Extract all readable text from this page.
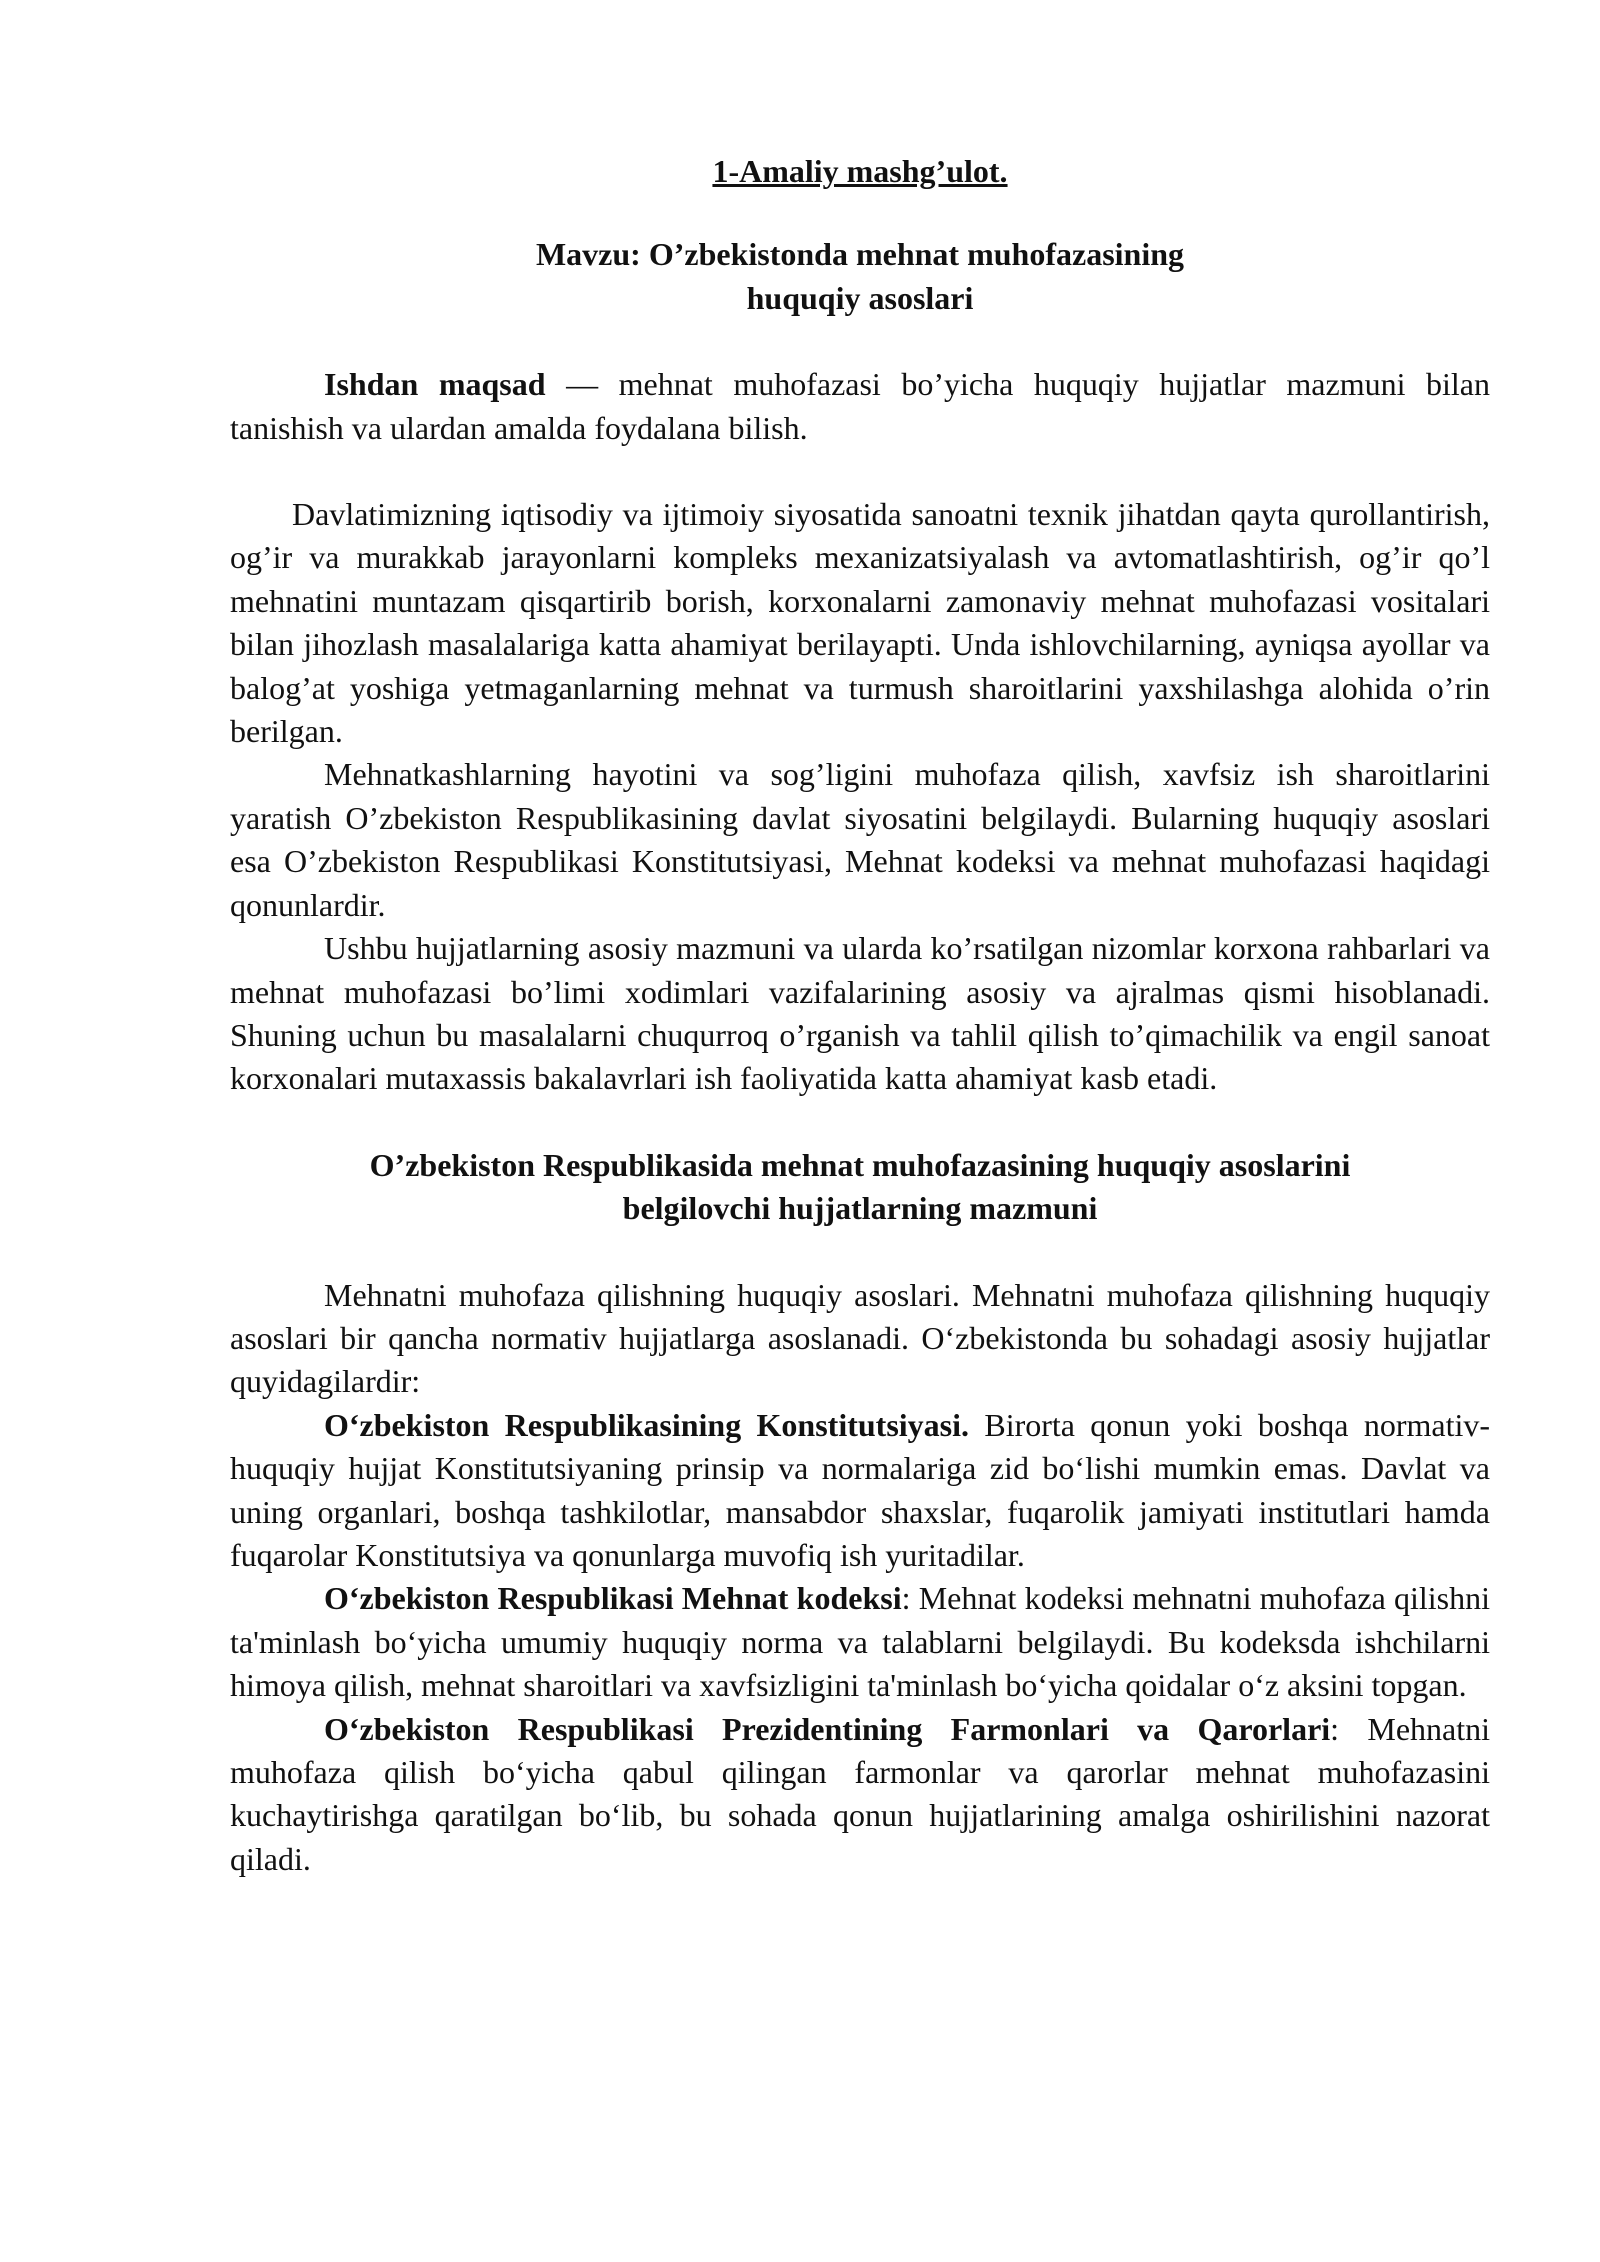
1-Amaliy mashg’ulot.
Mavzu: O’zbekistonda mehnat muhofazasining
huquqiy asoslari

Ishdan maqsad — mehnat muhofazasi bo’yicha huquqiy hujjatlar mazmuni bilan tanishish va ulardan amalda foydalana bilish.

Davlatimizning iqtisodiy va ijtimoiy siyosatida sanoatni texnik jihatdan qayta qurollantirish, og’ir va murakkab jarayonlarni kompleks mexanizatsiyalash va avtomatlashtirish, og’ir qo’l mehnatini muntazam qisqartirib borish, korxonalarni zamonaviy mehnat muhofazasi vositalari bilan jihozlash masalalariga katta ahamiyat berilayapti. Unda ishlovchilarning, ayniqsa ayollar va balog’at yoshiga yetmaganlarning mehnat va turmush sharoitlarini yaxshilashga alohida o’rin berilgan.

Mehnatkashlarning hayotini va sog’ligini muhofaza qilish, xavfsiz ish sharoitlarini yaratish O’zbekiston Respublikasining davlat siyosatini belgilaydi. Bularning huquqiy asoslari esa O’zbekiston Respublikasi Konstitutsiyasi, Mehnat kodeksi va mehnat muhofazasi haqidagi qonunlardir.

Ushbu hujjatlarning asosiy mazmuni va ularda ko’rsatilgan nizomlar korxona rahbarlari va mehnat muhofazasi bo’limi xodimlari vazifalarining asosiy va ajralmas qismi hisoblanadi. Shuning uchun bu masalalarni chuqurroq o’rganish va tahlil qilish to’qimachilik va engil sanoat korxonalari mutaxassis bakalavrlari ish faoliyatida katta ahamiyat kasb etadi.

O’zbekiston Respublikasida mehnat muhofazasining huquqiy asoslarini
belgilovchi hujjatlarning mazmuni

Mehnatni muhofaza qilishning huquqiy asoslari. Mehnatni muhofaza qilishning huquqiy asoslari bir qancha normativ hujjatlarga asoslanadi. O‘zbekistonda bu sohadagi asosiy hujjatlar quyidagilardir:

O‘zbekiston Respublikasining Konstitutsiyasi. Birorta qonun yoki boshqa normativ-huquqiy hujjat Konstitutsiyaning prinsip va normalariga zid bo‘lishi mumkin emas. Davlat va uning organlari, boshqa tashkilotlar, mansabdor shaxslar, fuqarolik jamiyati institutlari hamda fuqarolar Konstitutsiya va qonunlarga muvofiq ish yuritadilar.

O‘zbekiston Respublikasi Mehnat kodeksi: Mehnat kodeksi mehnatni muhofaza qilishni ta'minlash bo‘yicha umumiy huquqiy norma va talablarni belgilaydi. Bu kodeksda ishchilarni himoya qilish, mehnat sharoitlari va xavfsizligini ta'minlash bo‘yicha qoidalar o‘z aksini topgan.

O‘zbekiston Respublikasi Prezidentining Farmonlari va Qarorlari: Mehnatni muhofaza qilish bo‘yicha qabul qilingan farmonlar va qarorlar mehnat muhofazasini kuchaytirishga qaratilgan bo‘lib, bu sohada qonun hujjatlarining amalga oshirilishini nazorat qiladi.
